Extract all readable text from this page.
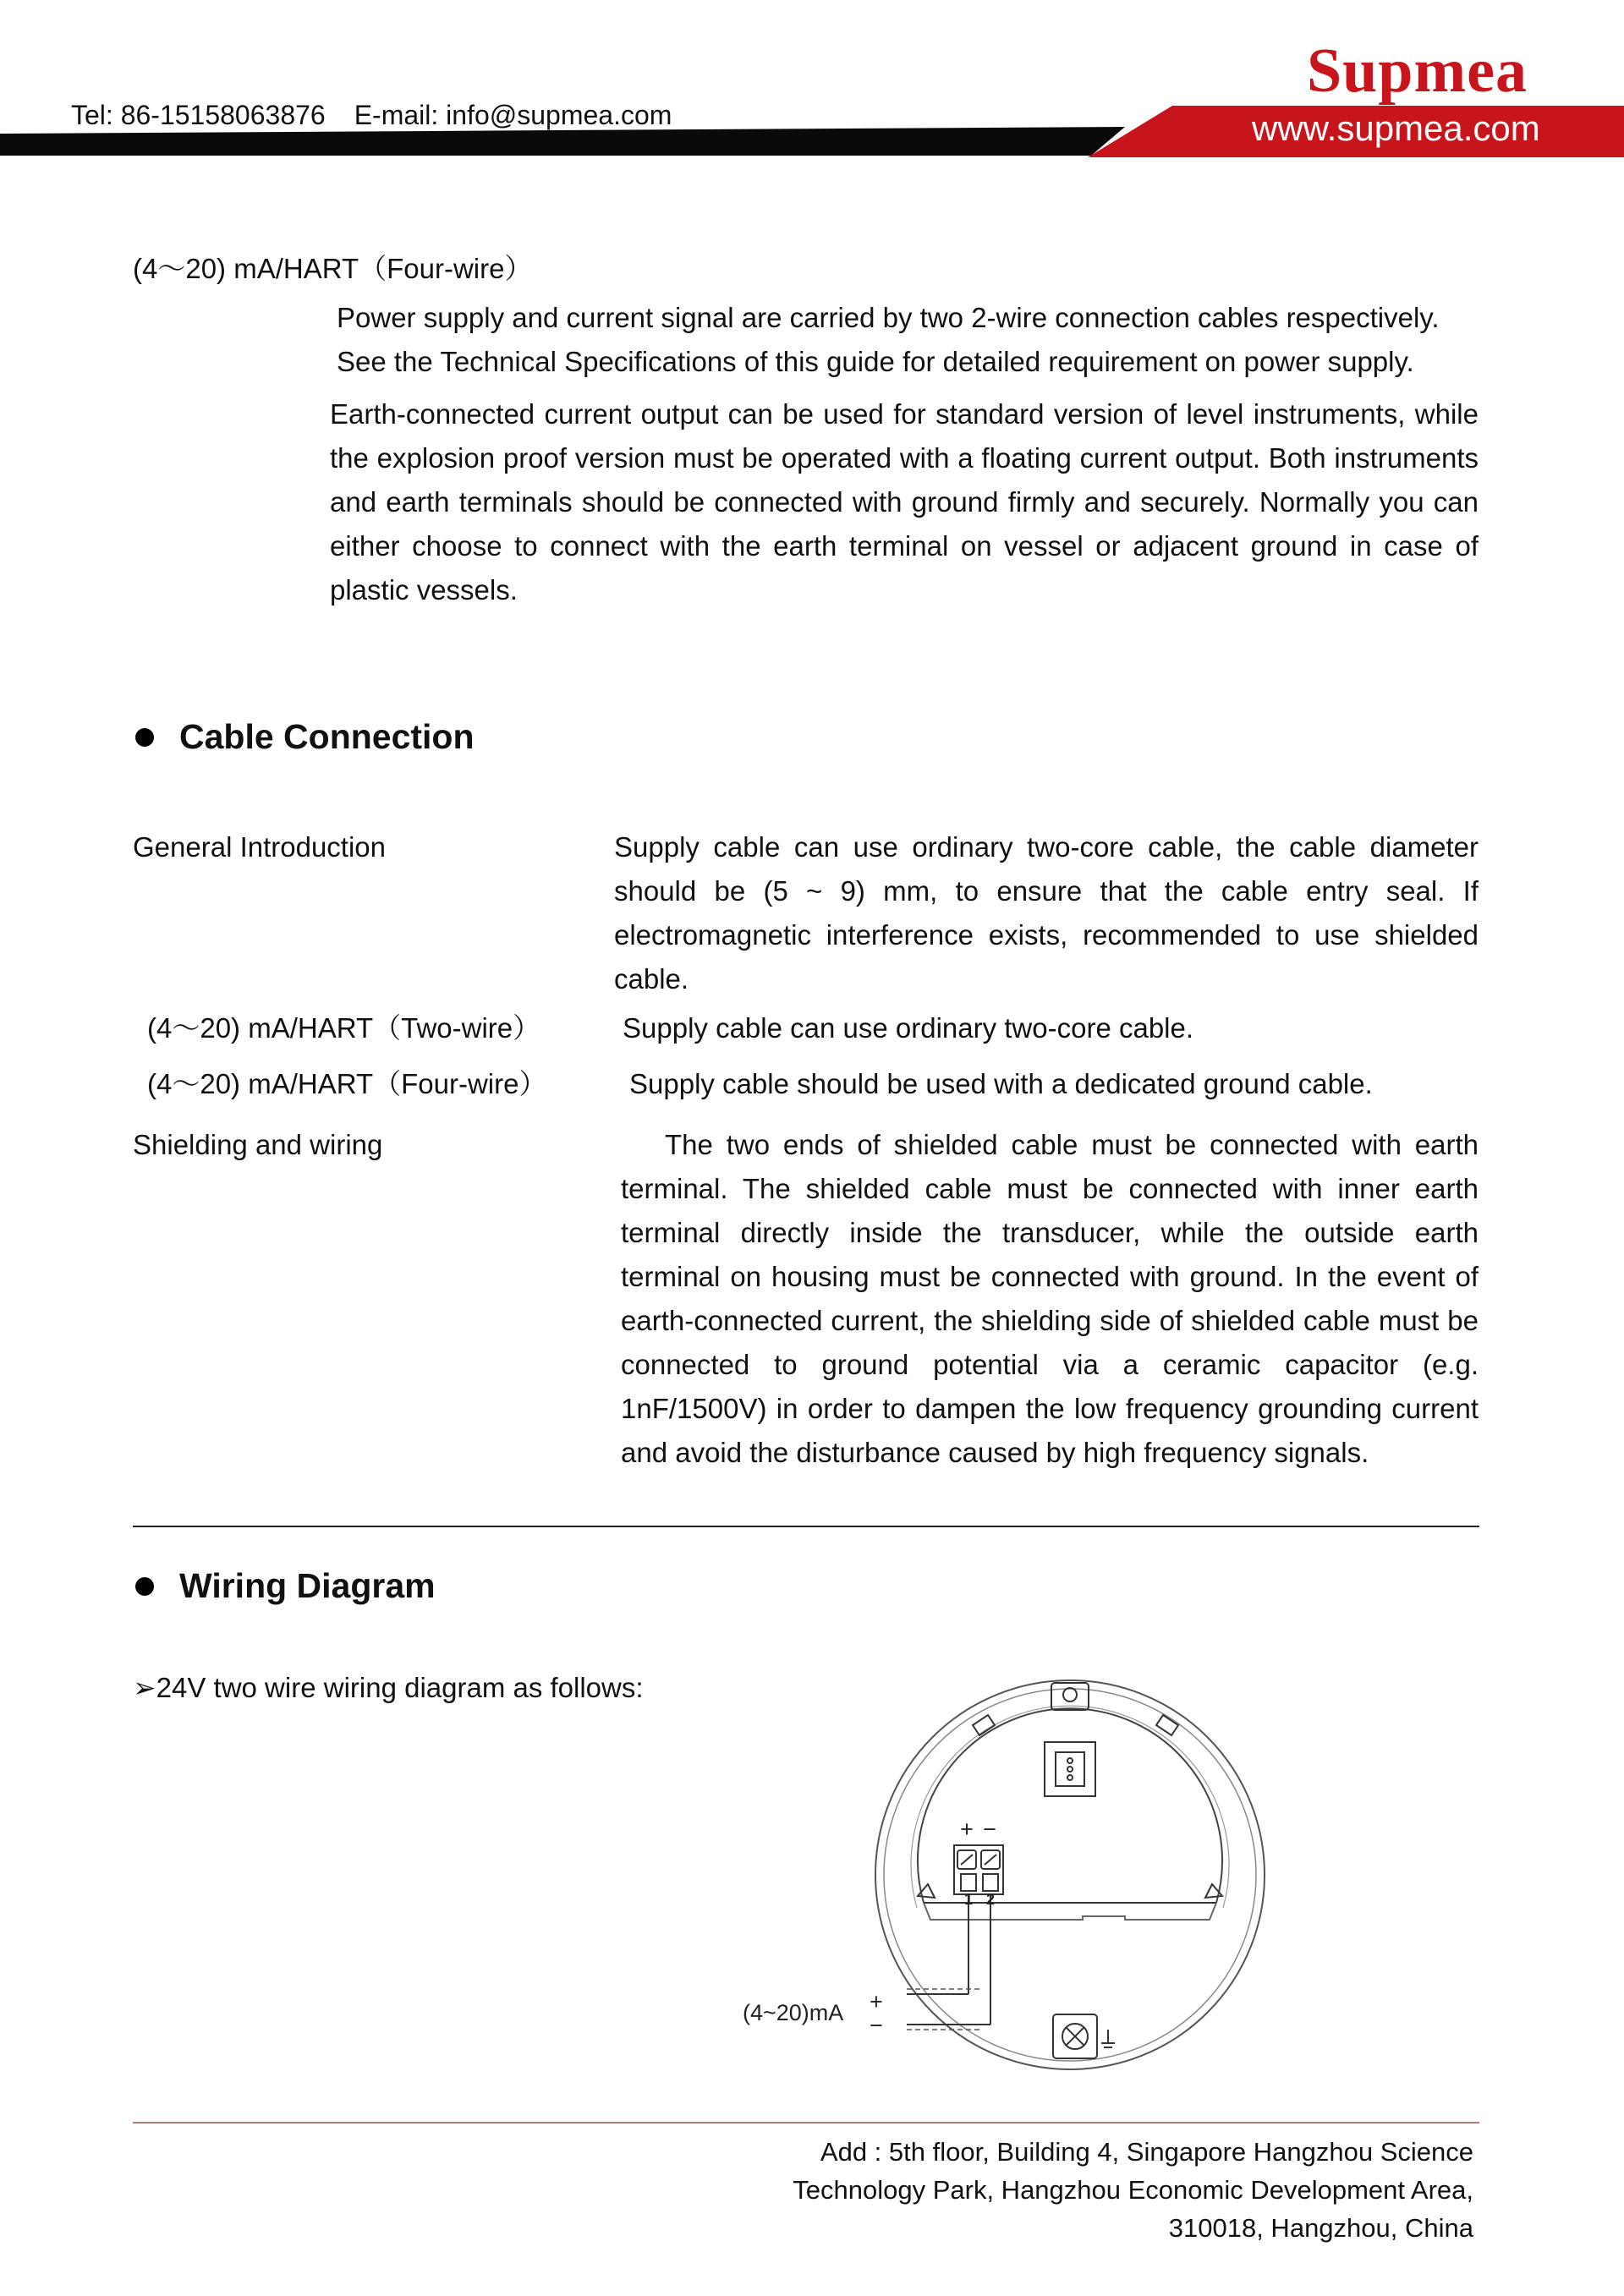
Supmea
Tel: 86-15158063876 E-mail: info@supmea.com	www.supmea.com
(4～20) mA/HART（Four-wire）
Power supply and current signal are carried by two 2-wire connection cables respectively. See the Technical Specifications of this guide for detailed requirement on power supply.
Earth-connected current output can be used for standard version of level instruments, while the explosion proof version must be operated with a floating current output. Both instruments and earth terminals should be connected with ground firmly and securely. Normally you can either choose to connect with the earth terminal on vessel or adjacent ground in case of plastic vessels.
Cable Connection
General Introduction	Supply cable can use ordinary two-core cable, the cable diameter should be (5 ~ 9) mm, to ensure that the cable entry seal. If electromagnetic interference exists, recommended to use shielded cable.
(4～20) mA/HART（Two-wire）	Supply cable can use ordinary two-core cable.
(4～20) mA/HART（Four-wire）	Supply cable should be used with a dedicated ground cable.
Shielding and wiring	The two ends of shielded cable must be connected with earth terminal. The shielded cable must be connected with inner earth terminal directly inside the transducer, while the outside earth terminal on housing must be connected with ground. In the event of earth-connected current, the shielding side of shielded cable must be connected to ground potential via a ceramic capacitor (e.g. 1nF/1500V) in order to dampen the low frequency grounding current and avoid the disturbance caused by high frequency signals.
Wiring Diagram
➢24V two wire wiring diagram as follows:
+ −
1 2
(4~20)mA +
−
Add : 5th floor, Building 4, Singapore Hangzhou Science
Technology Park, Hangzhou Economic Development Area,
310018, Hangzhou, China
